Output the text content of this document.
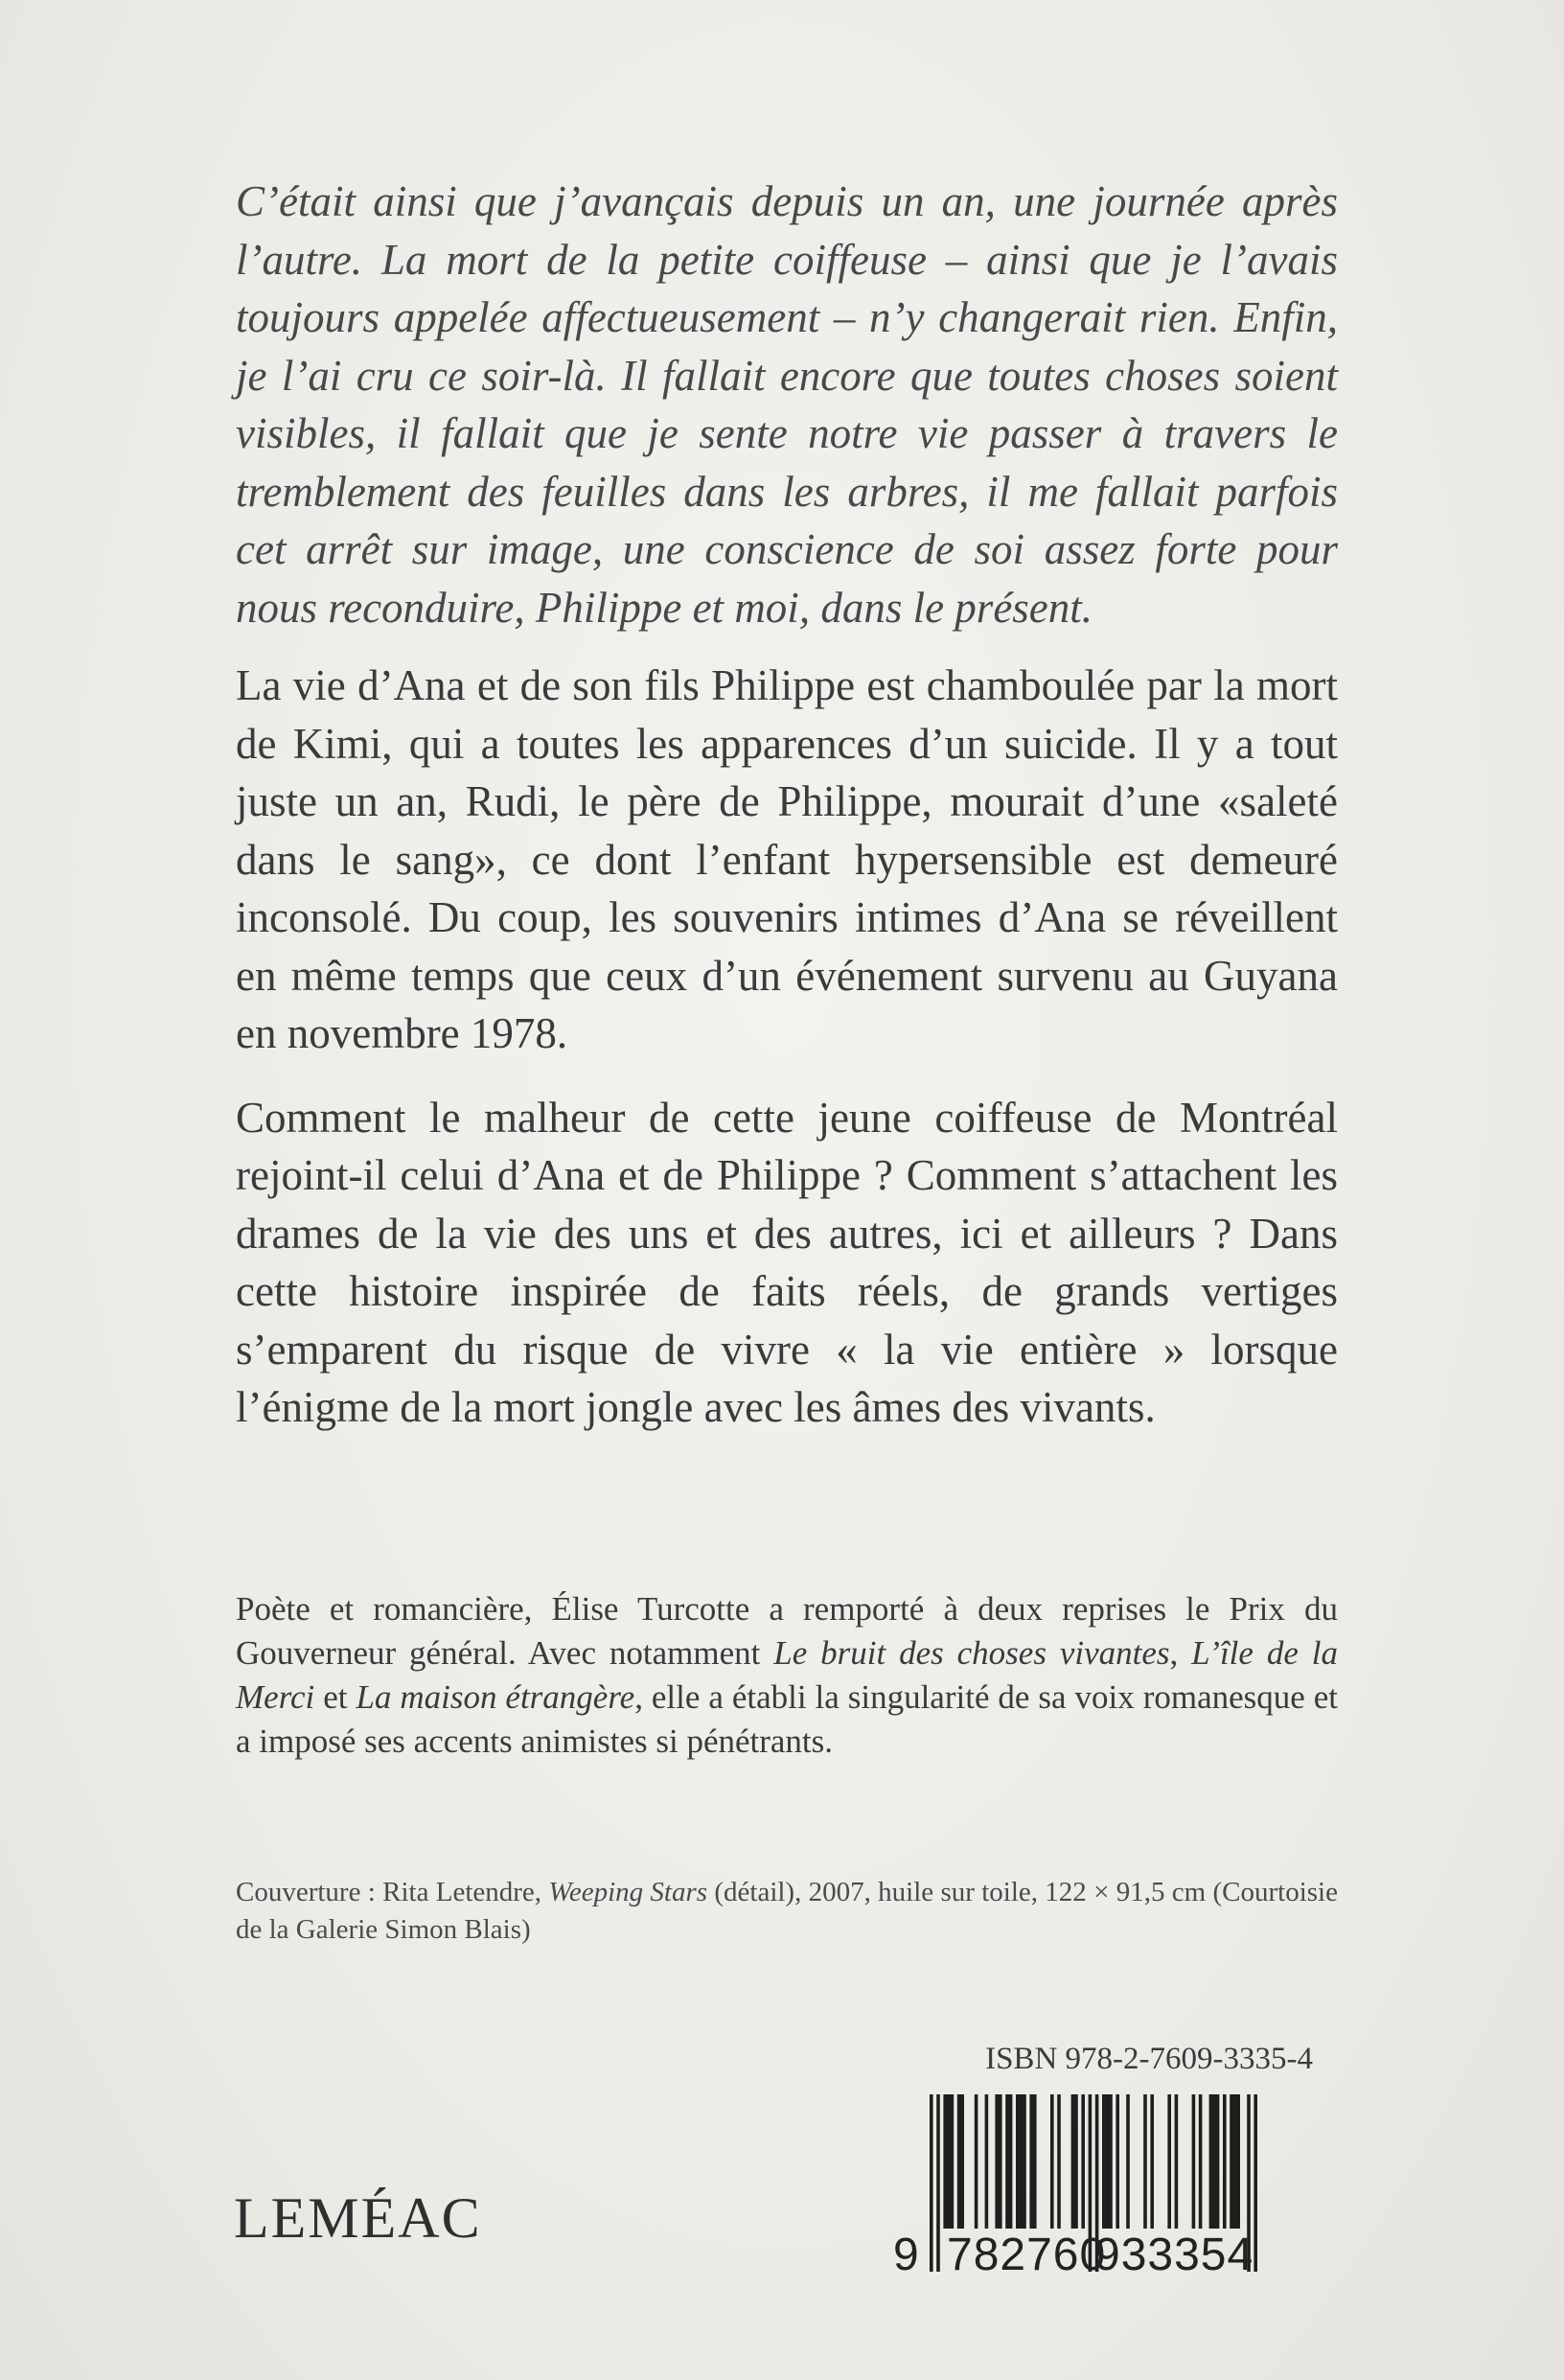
C’était ainsi que j’avançais depuis un an, une journée après l’autre. La mort de la petite coiffeuse – ainsi que je l’avais toujours appelée affectueusement – n’y changerait rien. Enfin, je l’ai cru ce soir-là. Il fallait encore que toutes choses soient visibles, il fallait que je sente notre vie passer à travers le tremblement des feuilles dans les arbres, il me fallait parfois cet arrêt sur image, une conscience de soi assez forte pour nous reconduire, Philippe et moi, dans le présent.

La vie d’Ana et de son fils Philippe est chamboulée par la mort de Kimi, qui a toutes les apparences d’un suicide. Il y a tout juste un an, Rudi, le père de Philippe, mourait d’une «saleté dans le sang», ce dont l’enfant hypersensible est demeuré inconsolé. Du coup, les souvenirs intimes d’Ana se réveillent en même temps que ceux d’un événement survenu au Guyana en novembre 1978.

Comment le malheur de cette jeune coiffeuse de Montréal rejoint-il celui d’Ana et de Philippe ? Comment s’attachent les drames de la vie des uns et des autres, ici et ailleurs ? Dans cette histoire inspirée de faits réels, de grands vertiges s’emparent du risque de vivre « la vie entière » lorsque l’énigme de la mort jongle avec les âmes des vivants.

Poète et romancière, Élise Turcotte a remporté à deux reprises le Prix du Gouverneur général. Avec notamment Le bruit des choses vivantes, L’île de la Merci et La maison étrangère, elle a établi la singularité de sa voix romanesque et a imposé ses accents animistes si pénétrants.

Couverture : Rita Letendre, Weeping Stars (détail), 2007, huile sur toile, 122 × 91,5 cm (Courtoisie de la Galerie Simon Blais)

ISBN 978-2-7609-3335-4
9 782760
933354
LEMÉAC
